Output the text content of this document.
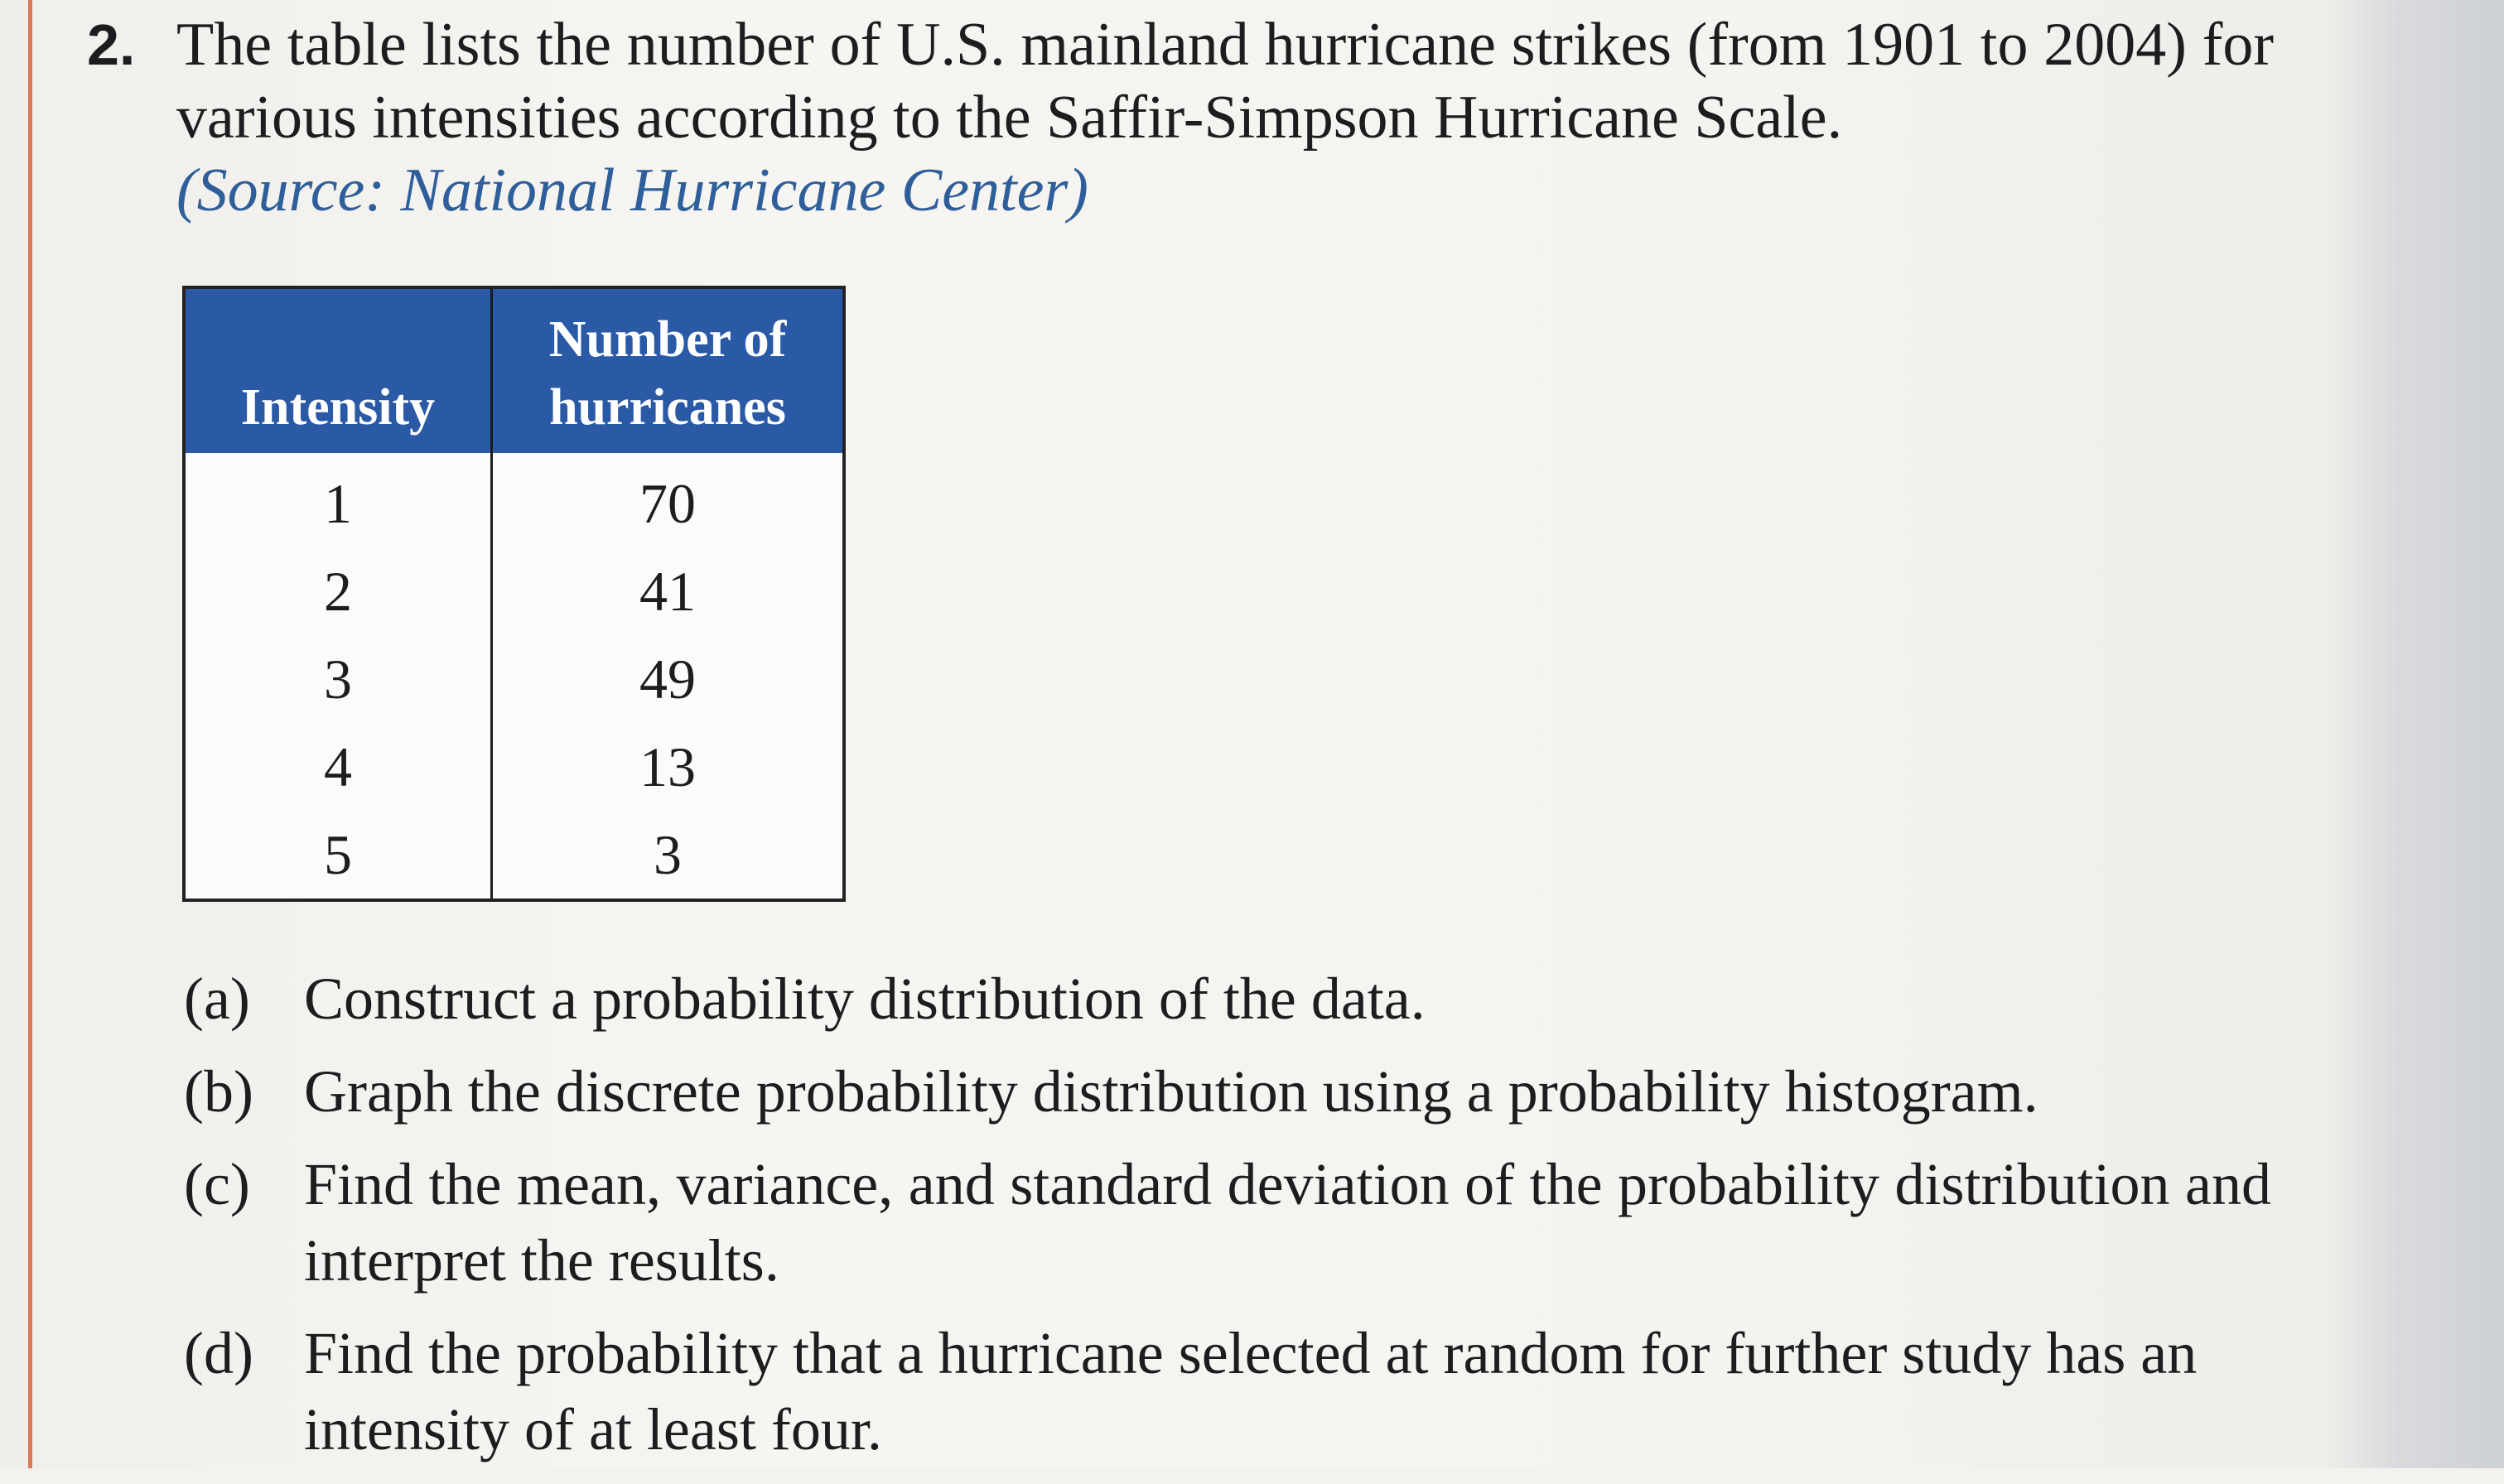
2. The table lists the number of U.S. mainland hurricane strikes (from 1901 to 2004) for various intensities according to the Saffir-Simpson Hurricane Scale.
(Source: National Hurricane Center)
Intensity	Number of hurricanes
1	70
2	41
3	49
4	13
5	3
(a) Construct a probability distribution of the data.
(b) Graph the discrete probability distribution using a probability histogram.
(c) Find the mean, variance, and standard deviation of the probability distribution and interpret the results.
(d) Find the probability that a hurricane selected at random for further study has an intensity of at least four.
